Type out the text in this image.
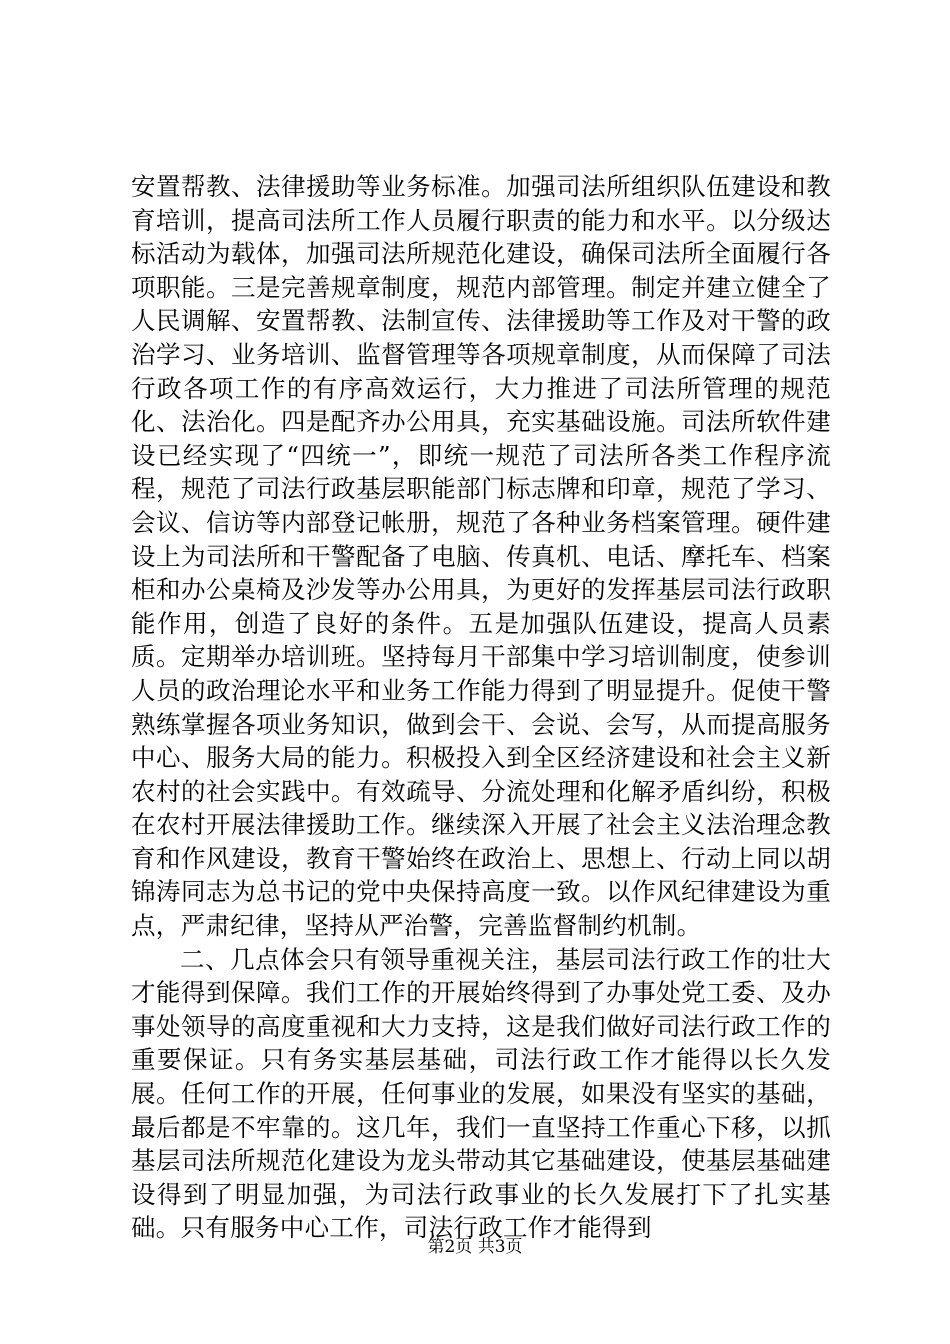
安置帮教、法律援助等业务标准。加强司法所组织队伍建设和教育培训，提高司法所工作人员履行职责的能力和水平。以分级达标活动为载体，加强司法所规范化建设，确保司法所全面履行各项职能。三是完善规章制度，规范内部管理。制定并建立健全了人民调解、安置帮教、法制宣传、法律援助等工作及对干警的政治学习、业务培训、监督管理等各项规章制度，从而保障了司法行政各项工作的有序高效运行，大力推进了司法所管理的规范化、法治化。四是配齐办公用具，充实基础设施。司法所软件建设已经实现了“四统一”，即统一规范了司法所各类工作程序流程，规范了司法行政基层职能部门标志牌和印章，规范了学习、会议、信访等内部登记帐册，规范了各种业务档案管理。硬件建设上为司法所和干警配备了电脑、传真机、电话、摩托车、档案柜和办公桌椅及沙发等办公用具，为更好的发挥基层司法行政职能作用，创造了良好的条件。五是加强队伍建设，提高人员素质。定期举办培训班。坚持每月干部集中学习培训制度，使参训人员的政治理论水平和业务工作能力得到了明显提升。促使干警熟练掌握各项业务知识，做到会干、会说、会写，从而提高服务中心、服务大局的能力。积极投入到全区经济建设和社会主义新农村的社会实践中。有效疏导、分流处理和化解矛盾纠纷，积极在农村开展法律援助工作。继续深入开展了社会主义法治理念教育和作风建设，教育干警始终在政治上、思想上、行动上同以胡锦涛同志为总书记的党中央保持高度一致。以作风纪律建设为重点，严肃纪律，坚持从严治警，完善监督制约机制。

二、几点体会只有领导重视关注，基层司法行政工作的壮大才能得到保障。我们工作的开展始终得到了办事处党工委、及办事处领导的高度重视和大力支持，这是我们做好司法行政工作的重要保证。只有务实基层基础，司法行政工作才能得以长久发展。任何工作的开展，任何事业的发展，如果没有坚实的基础，最后都是不牢靠的。这几年，我们一直坚持工作重心下移，以抓基层司法所规范化建设为龙头带动其它基础建设，使基层基础建设得到了明显加强，为司法行政事业的长久发展打下了扎实基础。只有服务中心工作，司法行政工作才能得到

第2页 共3页
